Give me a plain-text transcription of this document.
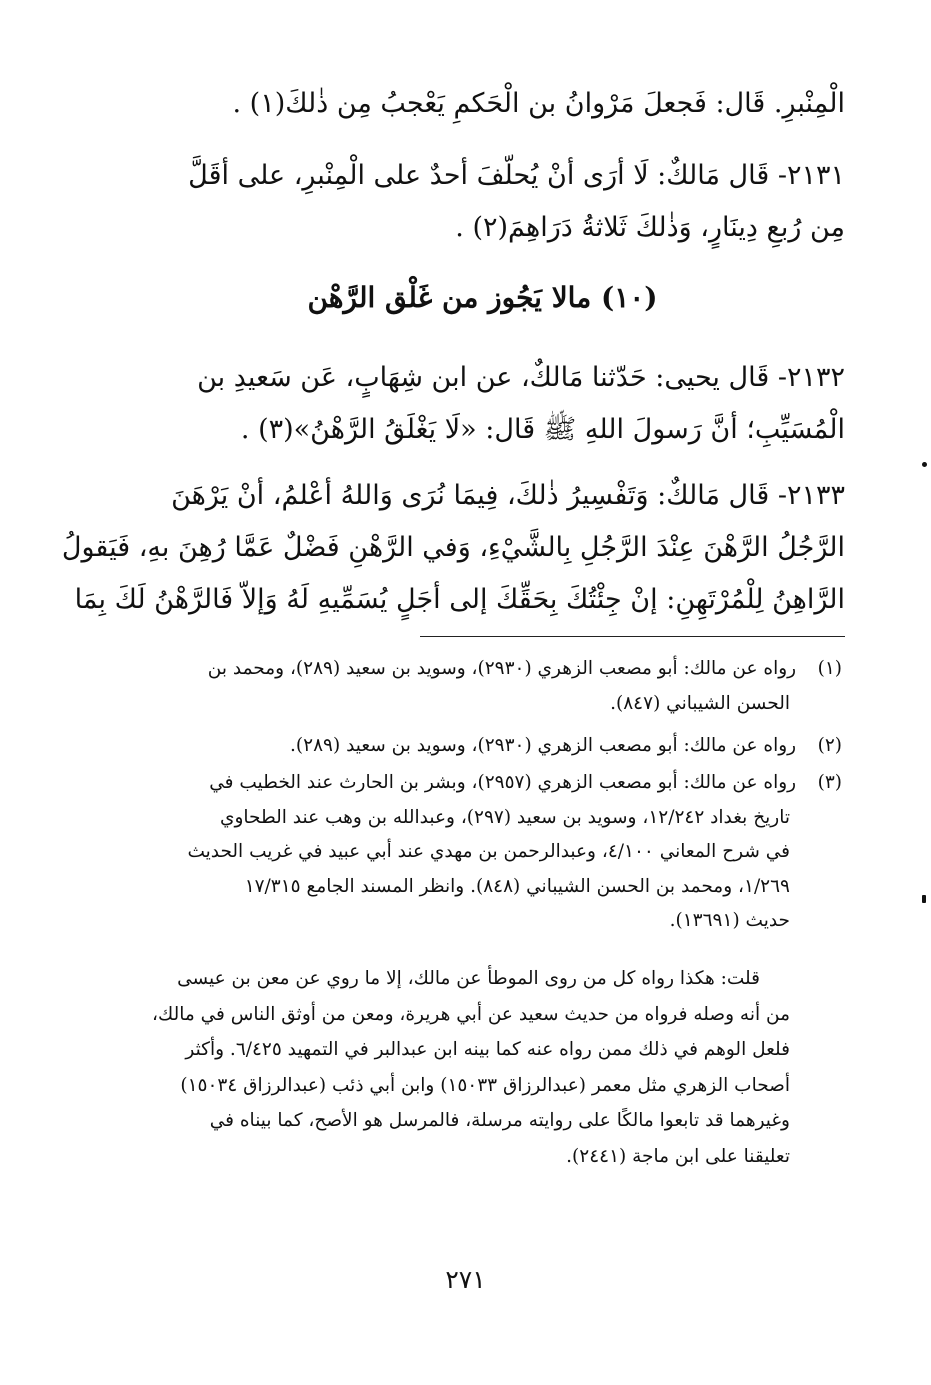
الْمِنْبرِ. قَال: فَجعلَ مَرْوانُ بن الْحَكمِ يَعْجبُ مِن ذٰلكَ(١) .
٢١٣١- قَال مَالكٌ: لَا أرَى أنْ يُحلّفَ أحدٌ على الْمِنْبرِ، على أقَلَّ
مِن رُبعِ دِينَارٍ، وَذٰلكَ ثَلاثةُ دَرَاهِمَ(٢) .
(١٠) مالا يَجُوز من غَلْق الرَّهْن
٢١٣٢- قَال يحيى: حَدّثنا مَالكٌ، عن ابن شِهَابٍ، عَن سَعيدِ بن
الْمُسَيِّبِ؛ أنَّ رَسولَ اللهِ ﷺ قَال: «لَا يَغْلَقُ الرَّهْنُ»(٣) .
٢١٣٣- قَال مَالكٌ: وَتَفْسِيرُ ذٰلكَ، فِيمَا نُرَى وَاللهُ أعْلمُ، أنْ يَرْهَنَ
الرَّجُلُ الرَّهْنَ عِنْدَ الرَّجُلِ بِالشَّيْءِ، وَفي الرَّهْنِ فَضْلٌ عَمَّا رُهِنَ بهِ، فَيَقولُ
الرَّاهِنُ لِلْمُرْتَهِنِ: إنْ جِئْتُكَ بِحَقِّكَ إلى أجَلٍ يُسَمِّيهِ لَهُ وَإلاّ فَالرَّهْنُ لَكَ بِمَا
(١) رواه عن مالك: أبو مصعب الزهري (٢٩٣٠)، وسويد بن سعيد (٢٨٩)، ومحمد بن
الحسن الشيباني (٨٤٧).
(٢) رواه عن مالك: أبو مصعب الزهري (٢٩٣٠)، وسويد بن سعيد (٢٨٩).
(٣) رواه عن مالك: أبو مصعب الزهري (٢٩٥٧)، وبشر بن الحارث عند الخطيب في
تاريخ بغداد ١٢/٢٤٢، وسويد بن سعيد (٢٩٧)، وعبدالله بن وهب عند الطحاوي
في شرح المعاني ٤/١٠٠، وعبدالرحمن بن مهدي عند أبي عبيد في غريب الحديث
١/٢٦٩، ومحمد بن الحسن الشيباني (٨٤٨). وانظر المسند الجامع ١٧/٣١٥
حديث (١٣٦٩١).
قلت: هكذا رواه كل من روى الموطأ عن مالك، إلا ما روي عن معن بن عيسى
من أنه وصله فرواه من حديث سعيد عن أبي هريرة، ومعن من أوثق الناس في مالك،
فلعل الوهم في ذلك ممن رواه عنه كما بينه ابن عبدالبر في التمهيد ٦/٤٢٥. وأكثر
أصحاب الزهري مثل معمر (عبدالرزاق ١٥٠٣٣) وابن أبي ذئب (عبدالرزاق ١٥٠٣٤)
وغيرهما قد تابعوا مالكًا على روايته مرسلة، فالمرسل هو الأصح، كما بيناه في
تعليقنا على ابن ماجة (٢٤٤١).
٢٧١
